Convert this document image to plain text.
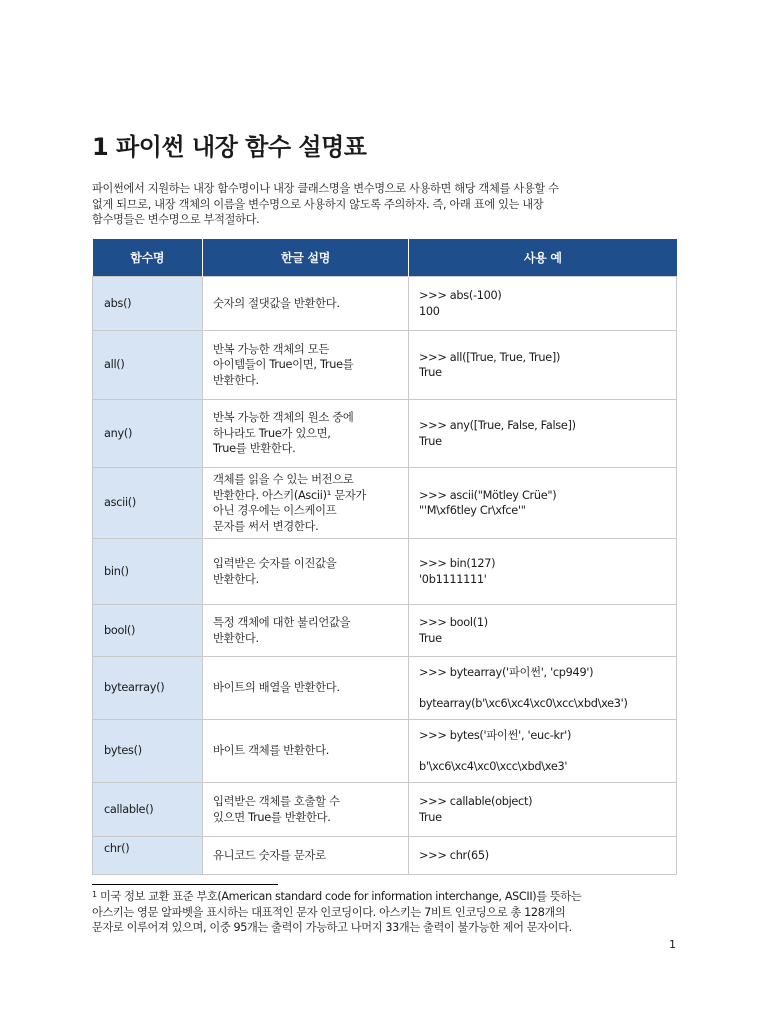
1 파이썬 내장 함수 설명표

파이썬에서 지원하는 내장 함수명이나 내장 클래스명을 변수명으로 사용하면 해당 객체를 사용할 수
없게 되므로, 내장 객체의 이름을 변수명으로 사용하지 않도록 주의하자. 즉, 아래 표에 있는 내장
함수명들은 변수명으로 부적절하다.

함수명	한글 설명	사용 예
abs()	숫자의 절댓값을 반환한다.	>>> abs(-100)
100

all()	반복 가능한 객체의 모든
아이템들이 True이면, True를
반환한다.	>>> all([True, True, True])
True

any()	반복 가능한 객체의 원소 중에
하나라도 True가 있으면,
True를 반환한다.	>>> any([True, False, False])
True

ascii()	객체를 읽을 수 있는 버전으로
반환한다. 아스키(Ascii)¹ 문자가
아닌 경우에는 이스케이프
문자를 써서 변경한다.	>>> ascii("Mötley Crüe")
"'M\xf6tley Cr\xfce'"

bin()	입력받은 숫자를 이진값을
반환한다.	>>> bin(127)
'0b1111111'

bool()	특정 객체에 대한 불리언값을
반환한다.	>>> bool(1)
True

bytearray()	바이트의 배열을 반환한다.	>>> bytearray('파이썬', 'cp949')
bytearray(b'\xc6\xc4\xc0\xcc\xbd\xe3')

bytes()	바이트 객체를 반환한다.	>>> bytes('파이썬', 'euc-kr')
b'\xc6\xc4\xc0\xcc\xbd\xe3'

callable()	입력받은 객체를 호출할 수
있으면 True를 반환한다.	>>> callable(object)
True

chr()	유니코드 숫자를 문자로	>>> chr(65)

$^1$ 미국 정보 교환 표준 부호(American standard code for information interchange, ASCII)를 뜻하는
아스키는 영문 알파벳을 표시하는 대표적인 문자 인코딩이다. 아스키는 7비트 인코딩으로 총 128개의
문자로 이루어져 있으며, 이중 95개는 출력이 가능하고 나머지 33개는 출력이 불가능한 제어 문자이다.

1
